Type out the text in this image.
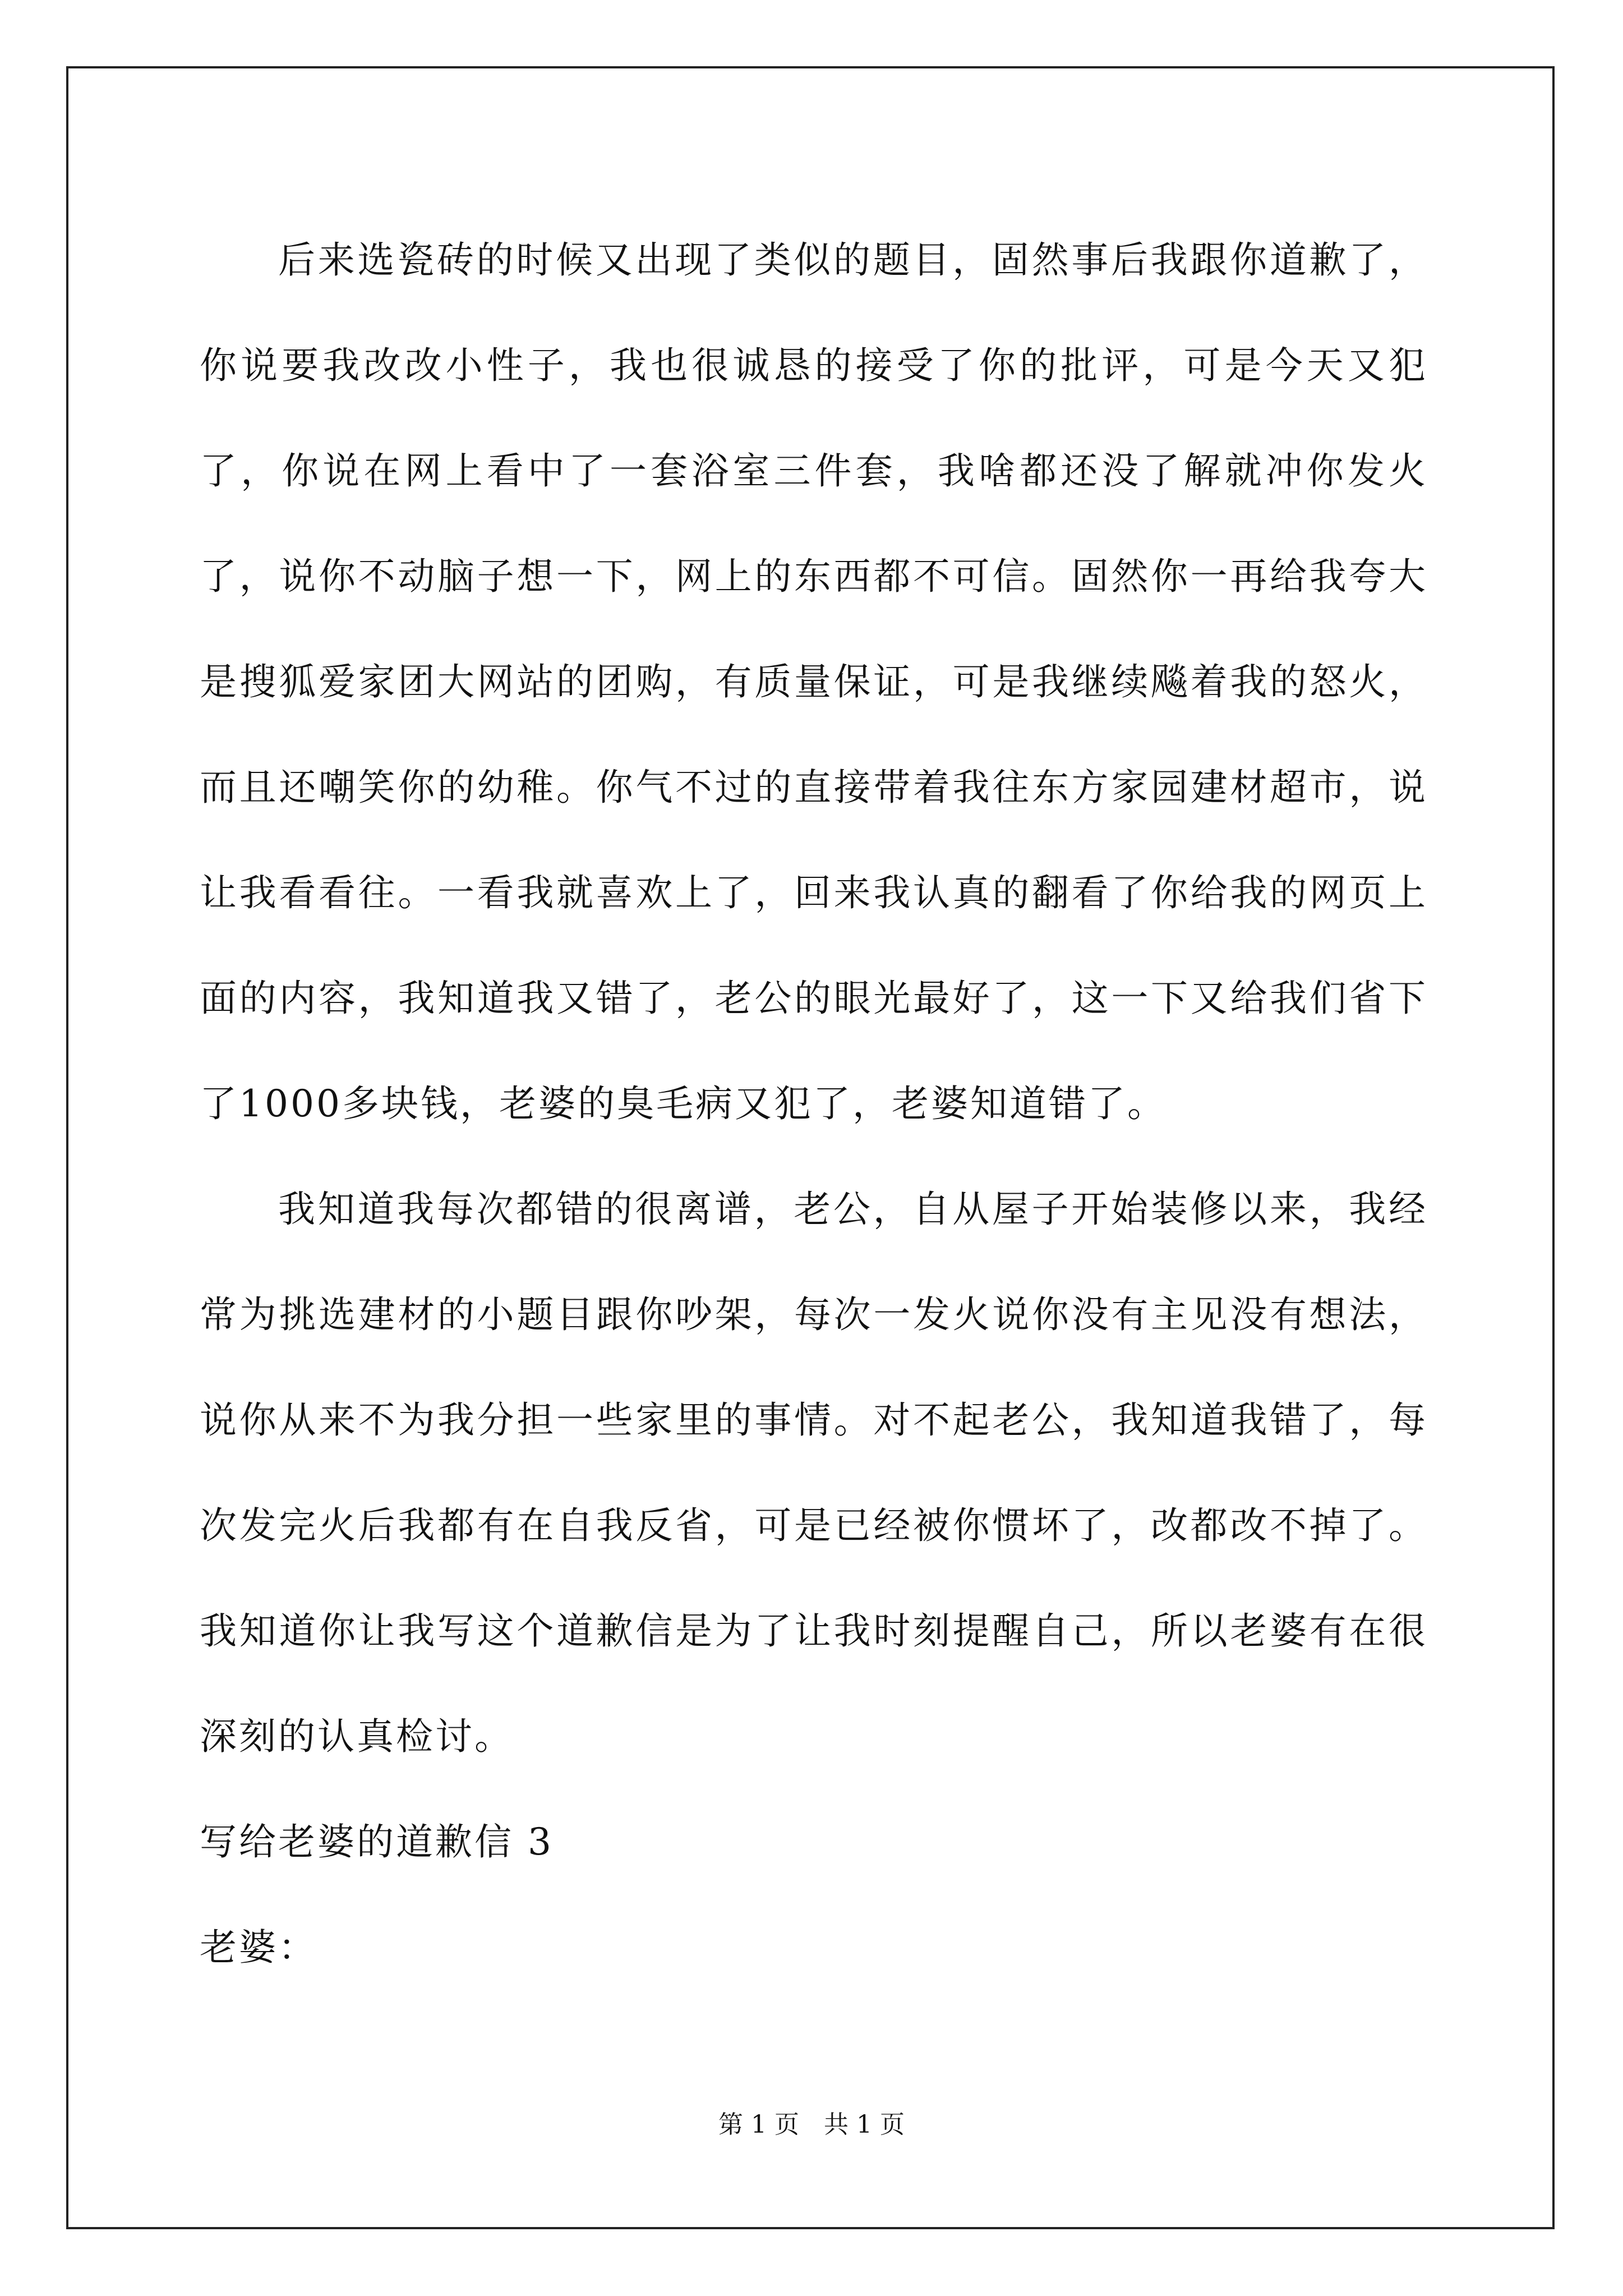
后来选瓷砖的时候又出现了类似的题目，固然事后我跟你道歉了，你说要我改改小性子，我也很诚恳的接受了你的批评，可是今天又犯了，你说在网上看中了一套浴室三件套，我啥都还没了解就冲你发火了，说你不动脑子想一下，网上的东西都不可信。固然你一再给我夸大是搜狐爱家团大网站的团购，有质量保证，可是我继续飚着我的怒火，而且还嘲笑你的幼稚。你气不过的直接带着我往东方家园建材超市，说让我看看往。一看我就喜欢上了，回来我认真的翻看了你给我的网页上面的内容，我知道我又错了，老公的眼光最好了，这一下又给我们省下了1000多块钱，老婆的臭毛病又犯了，老婆知道错了。

我知道我每次都错的很离谱，老公，自从屋子开始装修以来，我经常为挑选建材的小题目跟你吵架，每次一发火说你没有主见没有想法，说你从来不为我分担一些家里的事情。对不起老公，我知道我错了，每次发完火后我都有在自我反省，可是已经被你惯坏了，改都改不掉了。我知道你让我写这个道歉信是为了让我时刻提醒自己，所以老婆有在很深刻的认真检讨。

写给老婆的道歉信 3

老婆：

第 1 页　共 1 页
